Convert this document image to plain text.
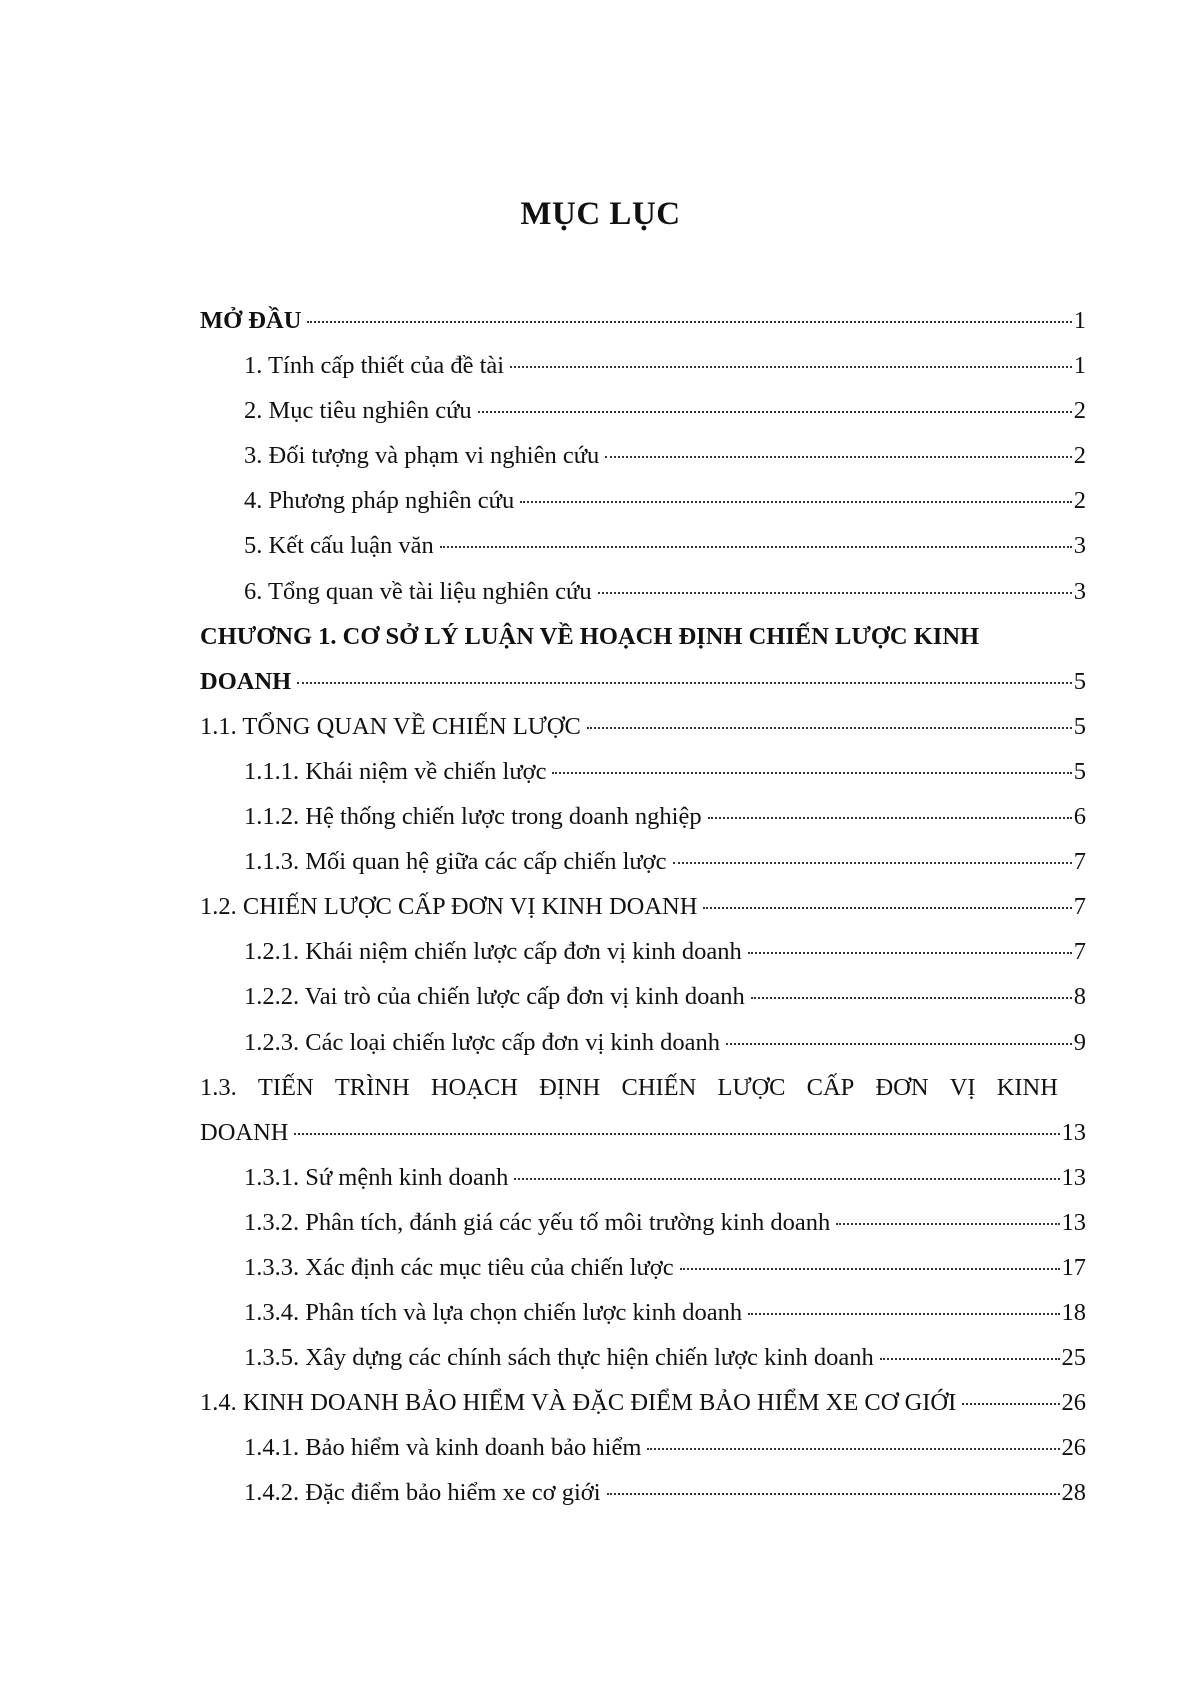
MỤC LỤC
MỞ ĐẦU	1
1. Tính cấp thiết của đề tài	1
2. Mục tiêu nghiên cứu	2
3. Đối tượng và phạm vi nghiên cứu	2
4. Phương pháp nghiên cứu	2
5. Kết cấu luận văn	3
6. Tổng quan về tài liệu nghiên cứu	3
CHƯƠNG 1. CƠ SỞ LÝ LUẬN VỀ HOẠCH ĐỊNH CHIẾN LƯỢC KINH
DOANH	5
1.1. TỔNG QUAN VỀ CHIẾN LƯỢC	5
1.1.1. Khái niệm về chiến lược	5
1.1.2. Hệ thống chiến lược trong doanh nghiệp	6
1.1.3. Mối quan hệ giữa các cấp chiến lược	7
1.2. CHIẾN LƯỢC CẤP ĐƠN VỊ KINH DOANH	7
1.2.1. Khái niệm chiến lược cấp đơn vị kinh doanh	7
1.2.2. Vai trò của chiến lược cấp đơn vị kinh doanh	8
1.2.3. Các loại chiến lược cấp đơn vị kinh doanh	9
1.3. TIẾN TRÌNH HOẠCH ĐỊNH CHIẾN LƯỢC CẤP ĐƠN VỊ KINH
DOANH	13
1.3.1. Sứ mệnh kinh doanh	13
1.3.2. Phân tích, đánh giá các yếu tố môi trường kinh doanh	13
1.3.3. Xác định các mục tiêu của chiến lược	17
1.3.4. Phân tích và lựa chọn chiến lược kinh doanh	18
1.3.5. Xây dựng các chính sách thực hiện chiến lược kinh doanh	25
1.4. KINH DOANH BẢO HIỂM VÀ ĐẶC ĐIỂM BẢO HIỂM XE CƠ GIỚI	26
1.4.1. Bảo hiểm và kinh doanh bảo hiểm	26
1.4.2. Đặc điểm bảo hiểm xe cơ giới	28
